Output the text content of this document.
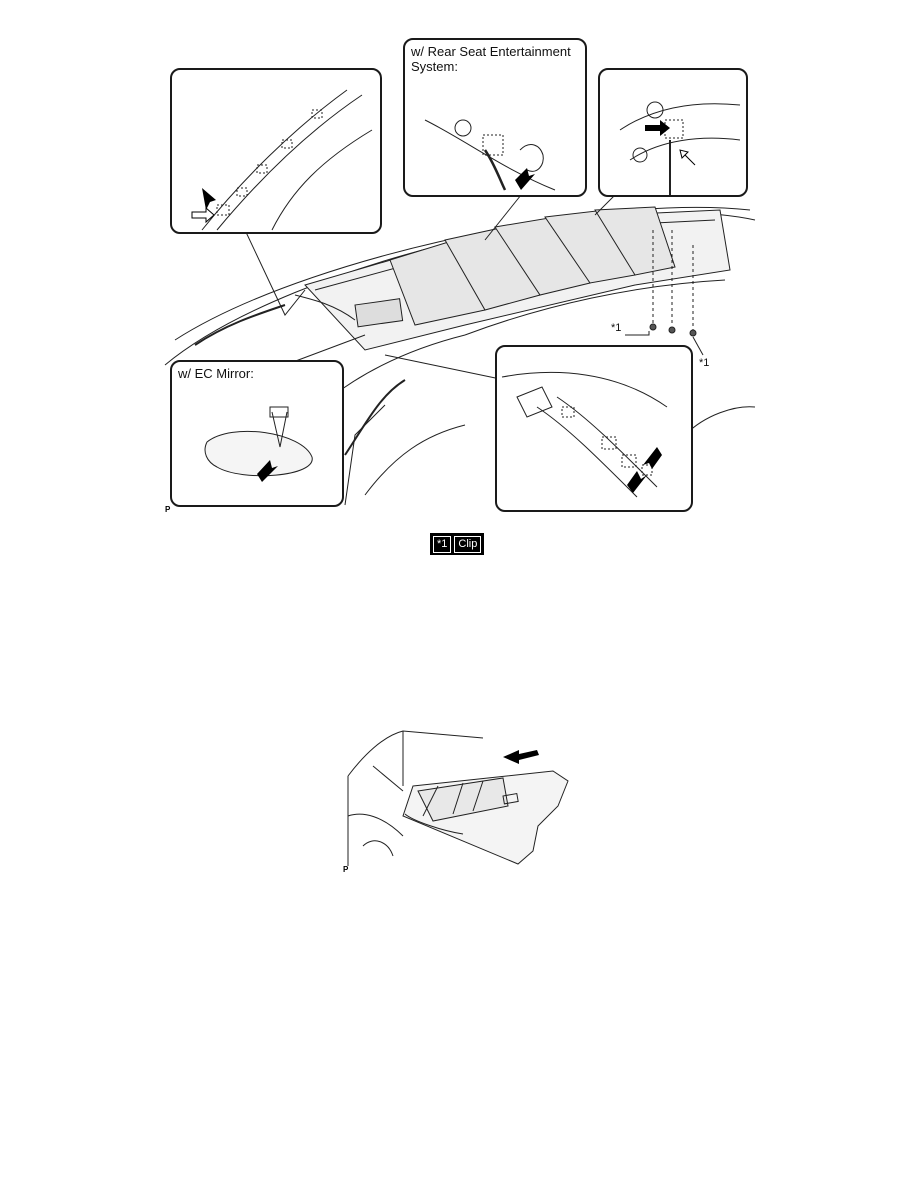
w/ Rear Seat Entertainment
System:
w/ EC Mirror:
*1
*1
P
*1	Clip
P
